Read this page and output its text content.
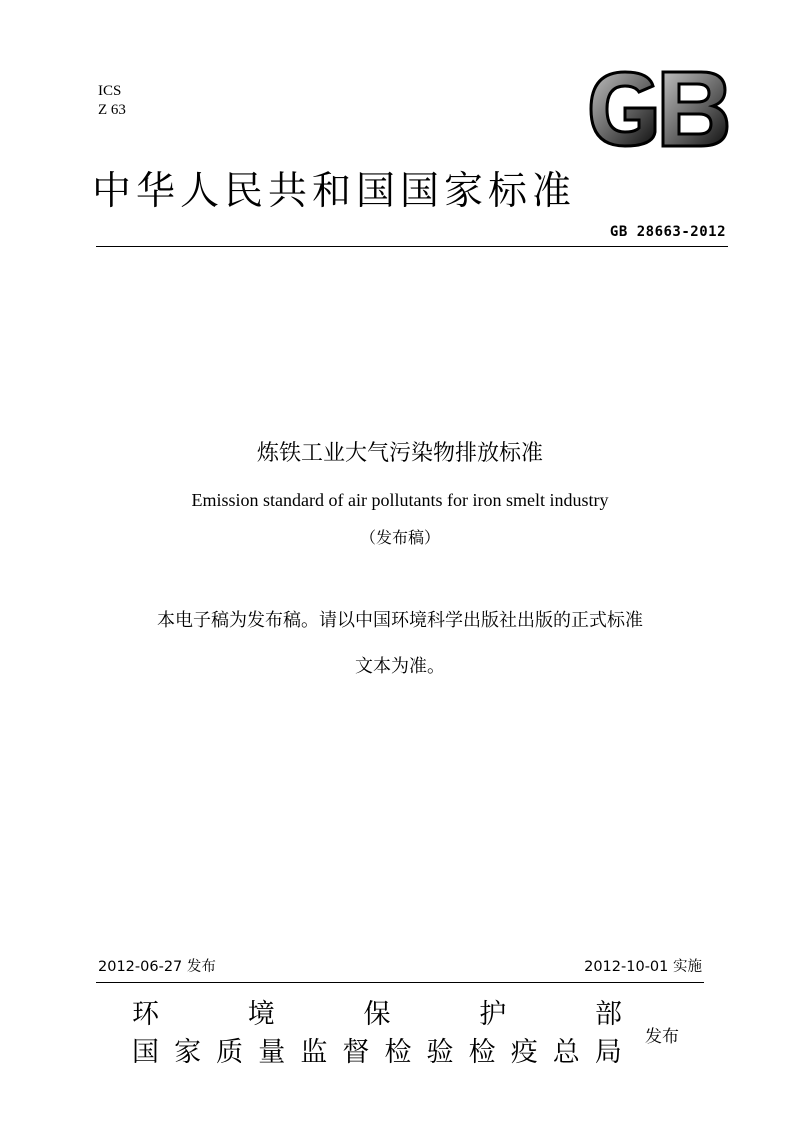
ICS
Z 63
中华人民共和国国家标准
GB 28663-2012
炼铁工业大气污染物排放标准
Emission standard of air pollutants for iron smelt industry
（发布稿）
本电子稿为发布稿。请以中国环境科学出版社出版的正式标准
文本为准。
2012-06-27 发布	2012-10-01 实施
环	境	保	护	部
国 家 质 量 监 督 检 验 检 疫 总 局 发布
